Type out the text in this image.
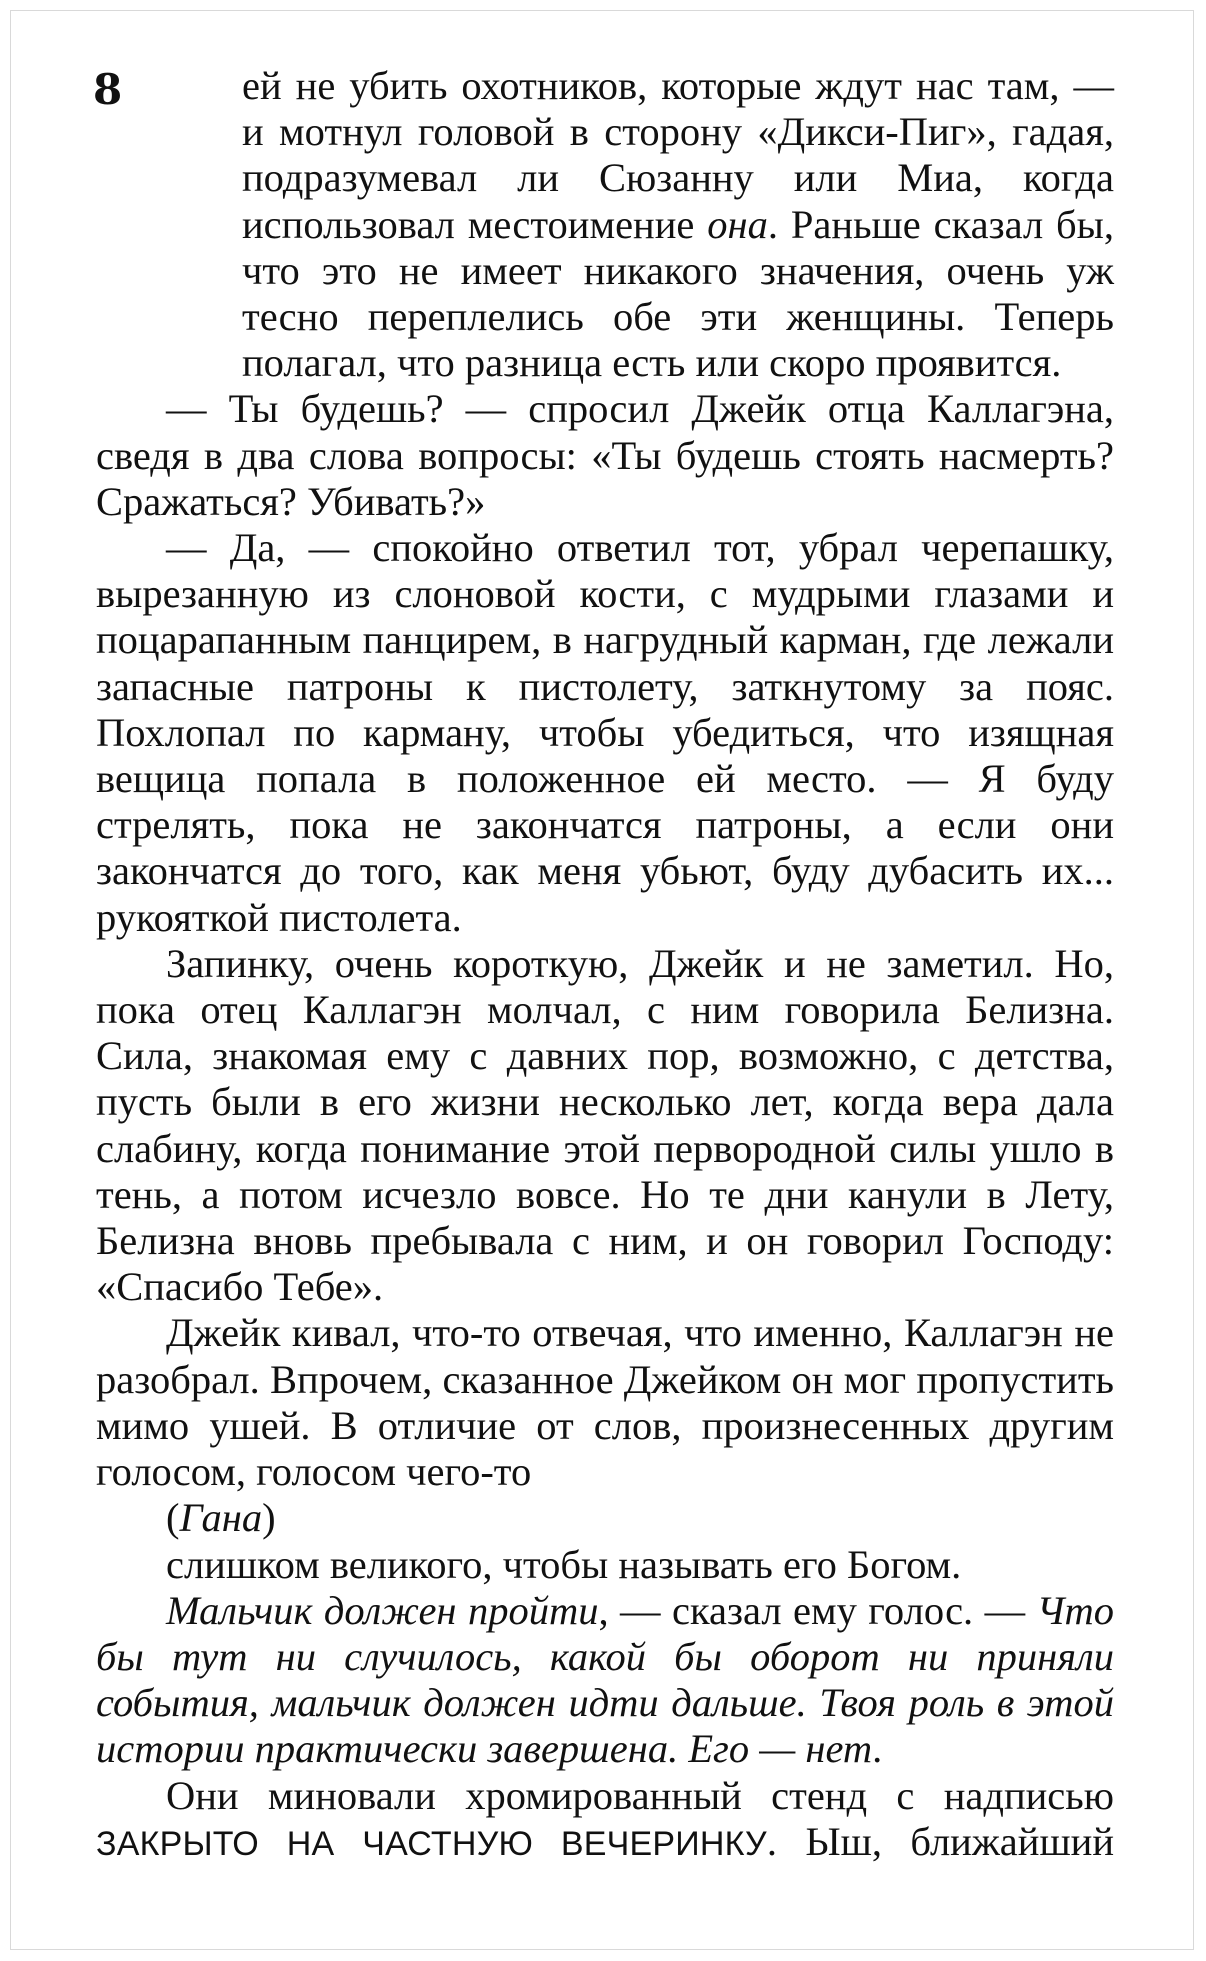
8	ей не убить охотников, которые ждут нас там, — и мотнул головой в сторону «Дикси-Пиг», гадая, подразумевал ли Сюзанну или Миа, когда использовал местоимение она. Раньше сказал бы, что это не имеет никакого значения, очень уж тесно переплелись обе эти женщины. Теперь полагал, что разница есть или скоро проявится.

— Ты будешь? — спросил Джейк отца Каллагэна, сведя в два слова вопросы: «Ты будешь стоять насмерть? Сражаться? Убивать?»

— Да, — спокойно ответил тот, убрал черепашку, вырезанную из слоновой кости, с мудрыми глазами и поцарапанным панцирем, в нагрудный карман, где лежали запасные патроны к пистолету, заткнутому за пояс. Похлопал по карману, чтобы убедиться, что изящная вещица попала в положенное ей место. — Я буду стрелять, пока не закончатся патроны, а если они закончатся до того, как меня убьют, буду дубасить их... рукояткой пистолета.

Запинку, очень короткую, Джейк и не заметил. Но, пока отец Каллагэн молчал, с ним говорила Белизна. Сила, знакомая ему с давних пор, возможно, с детства, пусть были в его жизни несколько лет, когда вера дала слабину, когда понимание этой первородной силы ушло в тень, а потом исчезло вовсе. Но те дни канули в Лету, Белизна вновь пребывала с ним, и он говорил Господу: «Спасибо Тебе».

Джейк кивал, что-то отвечая, что именно, Каллагэн не разобрал. Впрочем, сказанное Джейком он мог пропустить мимо ушей. В отличие от слов, произнесенных другим голосом, голосом чего-то

(Гана)

слишком великого, чтобы называть его Богом.

Мальчик должен пройти, — сказал ему голос. — Что бы тут ни случилось, какой бы оборот ни приняли события, мальчик должен идти дальше. Твоя роль в этой истории практически завершена. Его — нет.

Они миновали хромированный стенд с надписью ЗАКРЫТО НА ЧАСТНУЮ ВЕЧЕРИНКУ. Ыш, ближайший
